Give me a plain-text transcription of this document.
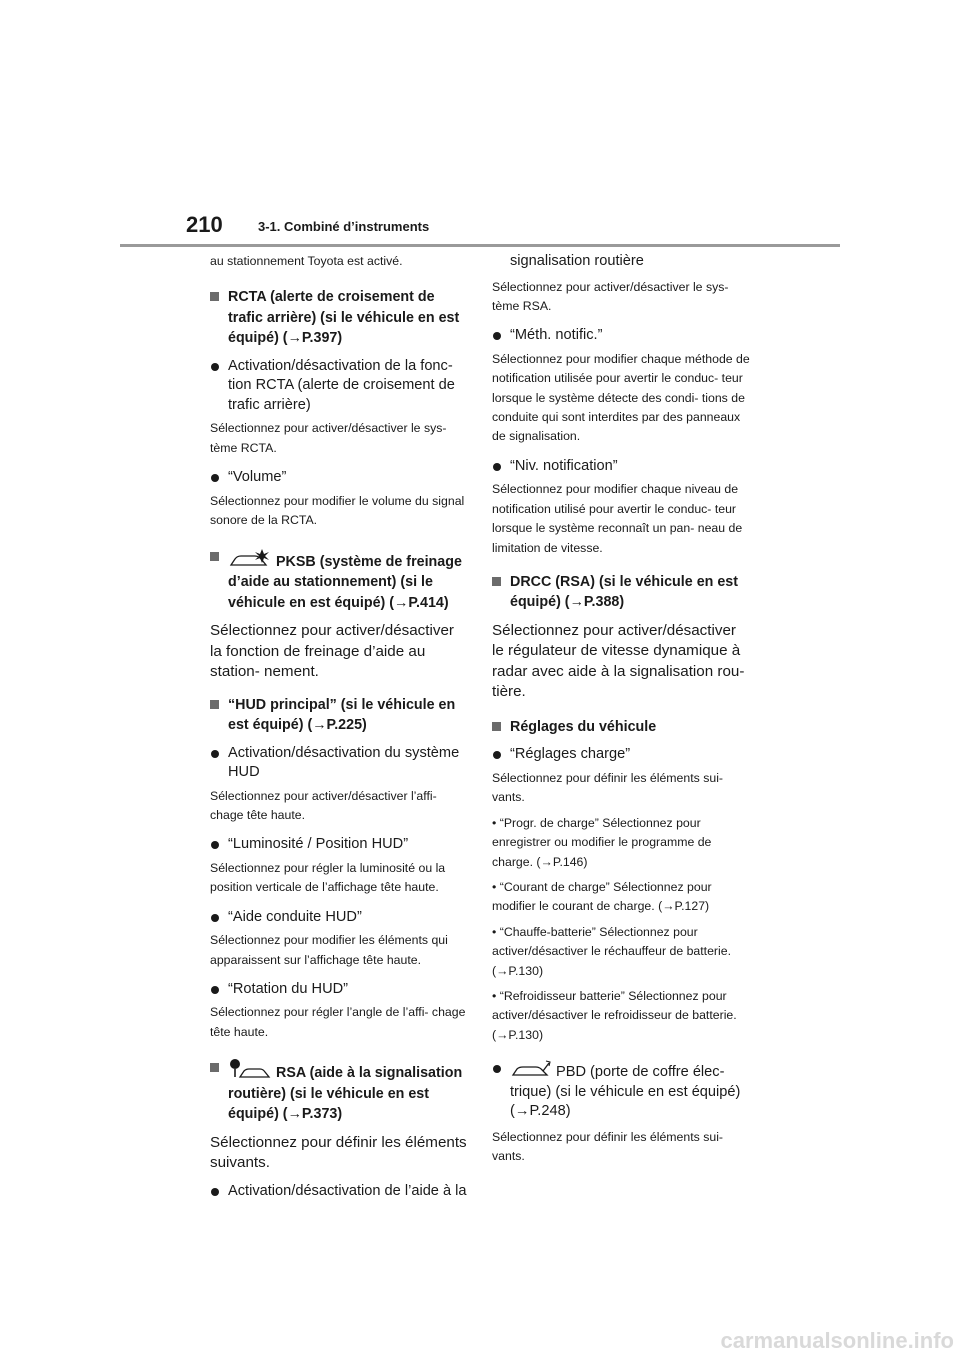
210	3-1. Combiné d’instruments

au stationnement Toyota est activé.

RCTA (alerte de croisement de trafic arrière) (si le véhicule en est équipé) (→P.397)

Activation/désactivation de la fonc- tion RCTA (alerte de croisement de trafic arrière)

Sélectionnez pour activer/désactiver le sys- tème RCTA.

“Volume”

Sélectionnez pour modifier le volume du signal sonore de la RCTA.

PKSB (système de freinage d’aide au stationnement) (si le véhicule en est équipé) (→P.414)

Sélectionnez pour activer/désactiver la fonction de freinage d’aide au station- nement.

“HUD principal” (si le véhicule en est équipé) (→P.225)

Activation/désactivation du système HUD

Sélectionnez pour activer/désactiver l’affi- chage tête haute.

“Luminosité / Position HUD”

Sélectionnez pour régler la luminosité ou la position verticale de l’affichage tête haute.

“Aide conduite HUD”

Sélectionnez pour modifier les éléments qui apparaissent sur l’affichage tête haute.

“Rotation du HUD”

Sélectionnez pour régler l’angle de l’affi- chage tête haute.

RSA (aide à la signalisation routière) (si le véhicule en est équipé) (→P.373)

Sélectionnez pour définir les éléments suivants.

Activation/désactivation de l’aide à la

signalisation routière

Sélectionnez pour activer/désactiver le sys- tème RSA.

“Méth. notific.”

Sélectionnez pour modifier chaque méthode de notification utilisée pour avertir le conduc- teur lorsque le système détecte des condi- tions de conduite qui sont interdites par des panneaux de signalisation.

“Niv. notification”

Sélectionnez pour modifier chaque niveau de notification utilisé pour avertir le conduc- teur lorsque le système reconnaît un pan- neau de limitation de vitesse.

DRCC (RSA) (si le véhicule en est équipé) (→P.388)

Sélectionnez pour activer/désactiver le régulateur de vitesse dynamique à radar avec aide à la signalisation rou- tière.

Réglages du véhicule

“Réglages charge”

Sélectionnez pour définir les éléments sui- vants.

• “Progr. de charge” Sélectionnez pour enregistrer ou modifier le programme de charge. (→P.146)

• “Courant de charge” Sélectionnez pour modifier le courant de charge. (→P.127)

• “Chauffe-batterie” Sélectionnez pour activer/désactiver le réchauffeur de batterie. (→P.130)

• “Refroidisseur batterie” Sélectionnez pour activer/désactiver le refroidisseur de batterie. (→P.130)

PBD (porte de coffre élec- trique) (si le véhicule en est équipé) (→P.248)

Sélectionnez pour définir les éléments sui- vants.

carmanualsonline.info
